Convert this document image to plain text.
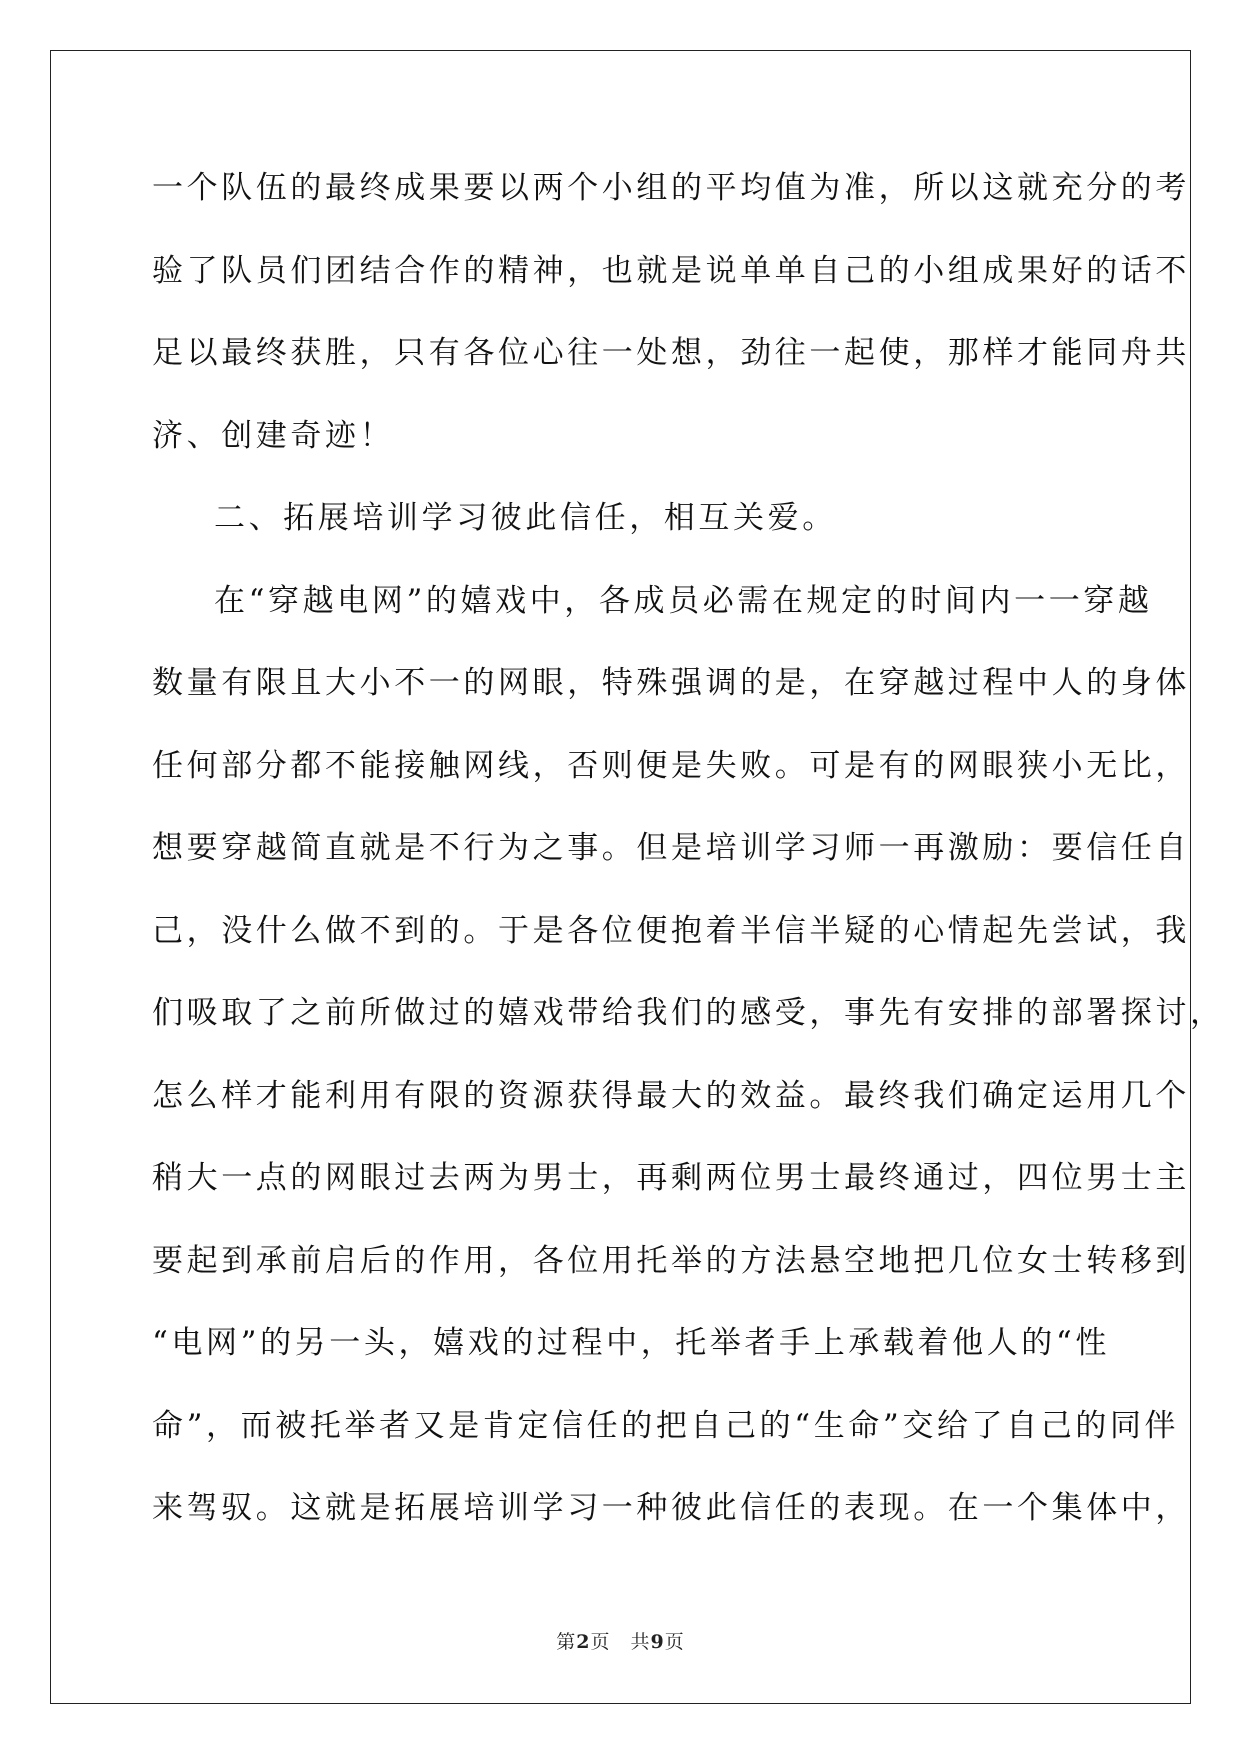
一个队伍的最终成果要以两个小组的平均值为准，所以这就充分的考
验了队员们团结合作的精神，也就是说单单自己的小组成果好的话不
足以最终获胜，只有各位心往一处想，劲往一起使，那样才能同舟共
济、创建奇迹！
二、拓展培训学习彼此信任，相互关爱。
在“穿越电网”的嬉戏中，各成员必需在规定的时间内一一穿越
数量有限且大小不一的网眼，特殊强调的是，在穿越过程中人的身体
任何部分都不能接触网线，否则便是失败。可是有的网眼狭小无比，
想要穿越简直就是不行为之事。但是培训学习师一再激励：要信任自
己，没什么做不到的。于是各位便抱着半信半疑的心情起先尝试，我
们吸取了之前所做过的嬉戏带给我们的感受，事先有安排的部署探讨，
怎么样才能利用有限的资源获得最大的效益。最终我们确定运用几个
稍大一点的网眼过去两为男士，再剩两位男士最终通过，四位男士主
要起到承前启后的作用，各位用托举的方法悬空地把几位女士转移到
“电网”的另一头，嬉戏的过程中，托举者手上承载着他人的“性
命”，而被托举者又是肯定信任的把自己的“生命”交给了自己的同伴
来驾驭。这就是拓展培训学习一种彼此信任的表现。在一个集体中，
第2页　共9页
